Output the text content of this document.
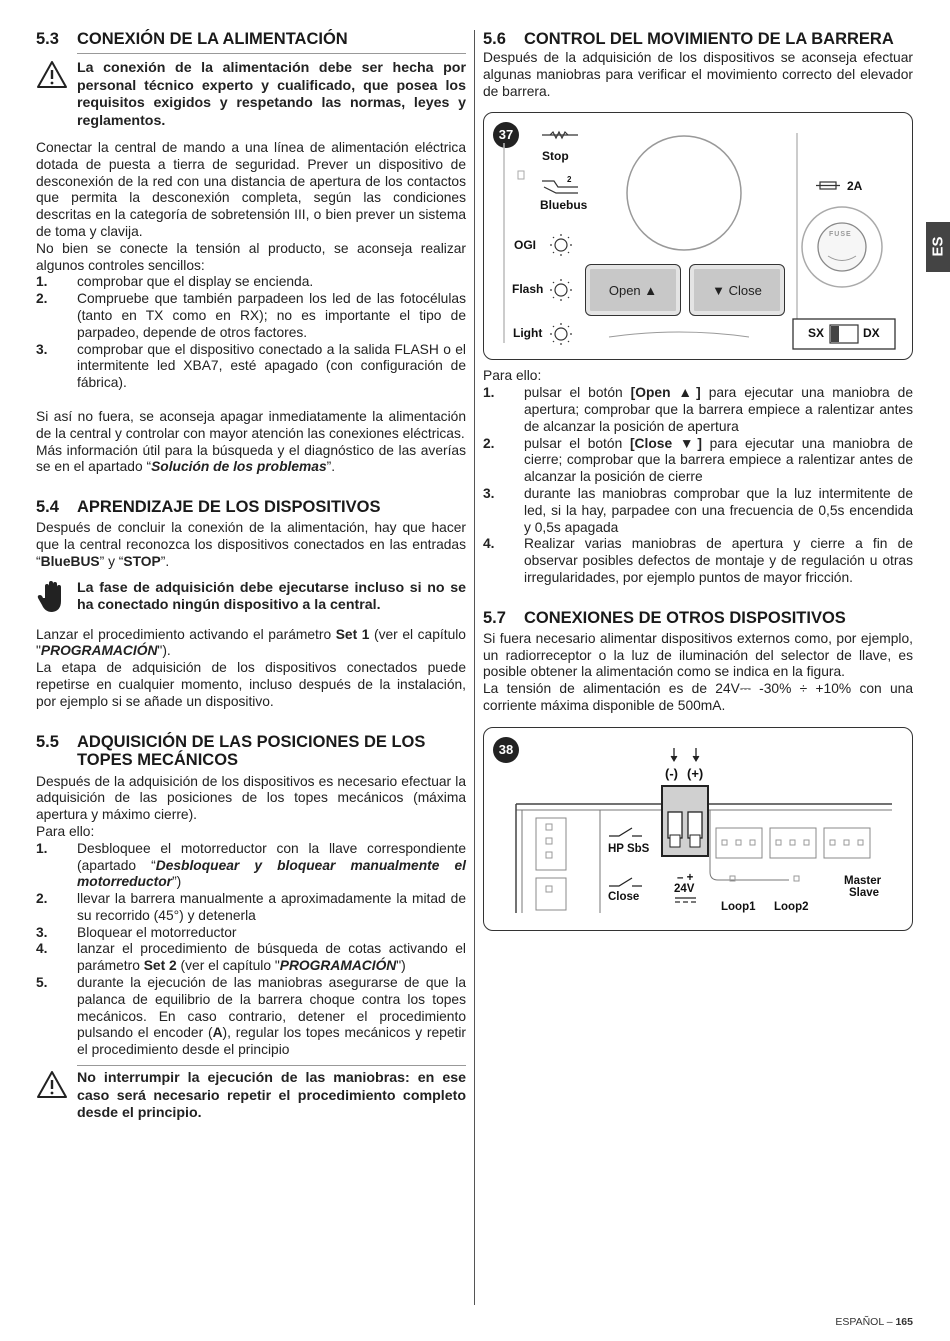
5.3	CONEXIÓN DE LA ALIMENTACIÓN
La conexión de la alimentación debe ser hecha por personal técnico experto y cualificado, que posea los requisitos exigidos y respetando las normas, leyes y reglamentos.

Conectar la central de mando a una línea de alimentación eléctrica dotada de puesta a tierra de seguridad. Prever un dispositivo de desconexión de la red con una distancia de apertura de los contactos que permita la desconexión completa, según las condiciones descritas en la categoría de sobretensión III, o bien prever un sistema de toma y clavija.

No bien se conecte la tensión al producto, se aconseja realizar algunos controles sencillos:

1.	comprobar que el display se encienda.
2.	Compruebe que también parpadeen los led de las fotocélulas (tanto en TX como en RX); no es importante el tipo de parpadeo, depende de otros factores.
3.	comprobar que el dispositivo conectado a la salida FLASH o el intermitente led XBA7, esté apagado (con configuración de fábrica).

Si así no fuera, se aconseja apagar inmediatamente la alimentación de la central y controlar con mayor atención las conexiones eléctricas.

Más información útil para la búsqueda y el diagnóstico de las averías se en el apartado “Solución de los problemas”.

5.4	APRENDIZAJE DE LOS DISPOSITIVOS

Después de concluir la conexión de la alimentación, hay que hacer que la central reconozca los dispositivos conectados en las entradas “BlueBUS” y “STOP”.

La fase de adquisición debe ejecutarse incluso si no se ha conectado ningún dispositivo a la central.

Lanzar el procedimiento activando el parámetro Set 1 (ver el capítulo "PROGRAMACIÓN").

La etapa de adquisición de los dispositivos conectados puede repetirse en cualquier momento, incluso después de la instalación, por ejemplo si se añade un dispositivo.

5.5	ADQUISICIÓN DE LAS POSICIONES DE LOS TOPES MECÁNICOS

Después de la adquisición de los dispositivos es necesario efectuar la adquisición de las posiciones de los topes mecánicos (máxima apertura y máximo cierre).

Para ello:

1.	Desbloquee el motorreductor con la llave correspondiente (apartado “Desbloquear y bloquear manualmente el motorreductor”)
2.	llevar la barrera manualmente a aproximadamente la mitad de su recorrido (45°) y detenerla
3.	Bloquear el motorreductor
4.	lanzar el procedimiento de búsqueda de cotas activando el parámetro Set 2 (ver el capítulo "PROGRAMACIÓN")
5.	durante la ejecución de las maniobras asegurarse de que la palanca de equilibrio de la barrera choque contra los topes mecánicos. En caso contrario, detener el procedimiento pulsando el encoder (A), regular los topes mecánicos y repetir el procedimiento desde el principio
No interrumpir la ejecución de las maniobras: en ese caso será necesario repetir el procedimiento completo desde el principio.
5.6	CONTROL DEL MOVIMIENTO DE LA BARRERA

Después de la adquisición de los dispositivos se aconseja efectuar algunas maniobras para verificar el movimiento correcto del elevador de barrera.

37
Stop
2
Bluebus
OGI
Flash
Light
Open ▲	▼ Close
2A
FUSE
SX	DX

Para ello:

1.	pulsar el botón [Open ▲] para ejecutar una maniobra de apertura; comprobar que la barrera empiece a ralentizar antes de alcanzar la posición de apertura
2.	pulsar el botón [Close ▼] para ejecutar una maniobra de cierre; comprobar que la barrera empiece a ralentizar antes de alcanzar la posición de cierre
3.	durante las maniobras comprobar que la luz intermitente de led, si la hay, parpadee con una frecuencia de 0,5s encendida y 0,5s apagada
4.	Realizar varias maniobras de apertura y cierre a fin de observar posibles defectos de montaje y de regulación u otras irregularidades, por ejemplo puntos de mayor fricción.
5.7	CONEXIONES DE OTROS DISPOSITIVOS

Si fuera necesario alimentar dispositivos externos como, por ejemplo, un radiorreceptor o la luz de iluminación del selector de llave, es posible obtener la alimentación como se indica en la figura.

La tensión de alimentación es de 24V⎓ -30% ÷ +10% con una corriente máxima disponible de 500mA.

38
(-) (+)
HP SbS
Close
– +
24V
Loop1 Loop2
Master
Slave
ES
ESPAÑOL – 165
